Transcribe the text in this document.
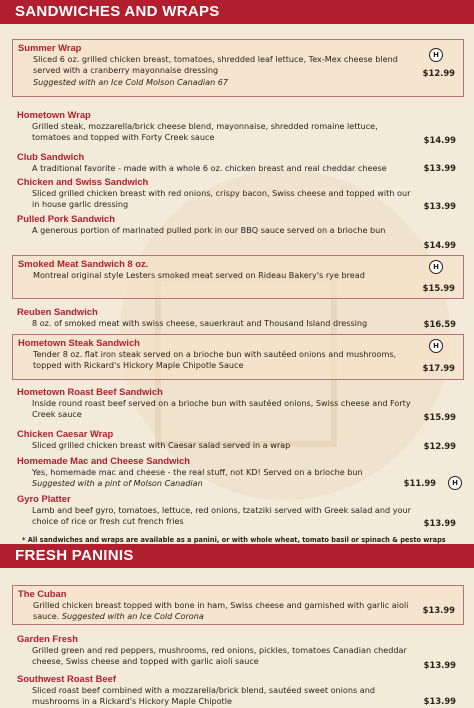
SANDWICHES AND WRAPS
Summer Wrap
Sliced 6 oz. grilled chicken breast, tomatoes, shredded leaf lettuce, Tex-Mex cheese blend served with a cranberry mayonnaise dressing
Suggested with an Ice Cold Molson Canadian 67
$12.99
H
Hometown Wrap
Grilled steak, mozzarella/brick cheese blend, mayonnaise, shredded romaine lettuce, tomatoes and topped with Forty Creek sauce	$14.99
Club Sandwich
A traditional favorite - made with a whole 6 oz. chicken breast and real cheddar cheese	$13.99
Chicken and Swiss Sandwich
Sliced grilled chicken breast with red onions, crispy bacon, Swiss cheese and topped with our in house garlic dressing	$13.99
Pulled Pork Sandwich
A generous portion of marinated pulled pork in our BBQ sauce served on a brioche bun
$14.99
Smoked Meat Sandwich 8 oz.
Montreal original style Lesters smoked meat served on Rideau Bakery's rye bread
$15.99
H
Reuben Sandwich
8 oz. of smoked meat with swiss cheese, sauerkraut and Thousand Island dressing	$16.59
Hometown Steak Sandwich
Tender 8 oz. flat iron steak served on a brioche bun with sautéed onions and mushrooms, topped with Rickard's Hickory Maple Chipotle Sauce	$17.99
H
Hometown Roast Beef Sandwich
Inside round roast beef served on a brioche bun with sautéed onions, Swiss cheese and Forty Creek sauce	$15.99
Chicken Caesar Wrap
Sliced grilled chicken breast with Caesar salad served in a wrap	$12.99
Homemade Mac and Cheese Sandwich
Yes, homemade mac and cheese - the real stuff, not KD! Served on a brioche bun
Suggested with a pint of Molson Canadian	$11.99	H
Gyro Platter
Lamb and beef gyro, tomatoes, lettuce, red onions, tzatziki served with Greek salad and your choice of rice or fresh cut french fries	$13.99
* All sandwiches and wraps are available as a panini, or with whole wheat, tomato basil or spinach & pesto wraps
FRESH PANINIS
The Cuban
Grilled chicken breast topped with bone in ham, Swiss cheese and garnished with garlic aioli sauce. Suggested with an Ice Cold Corona
$13.99
Garden Fresh
Grilled green and red peppers, mushrooms, red onions, pickles, tomatoes Canadian cheddar cheese, Swiss cheese and topped with garlic aioli sauce	$13.99
Southwest Roast Beef
Sliced roast beef combined with a mozzarella/brick blend, sautéed sweet onions and mushrooms in a Rickard's Hickory Maple Chipotle	$13.99
